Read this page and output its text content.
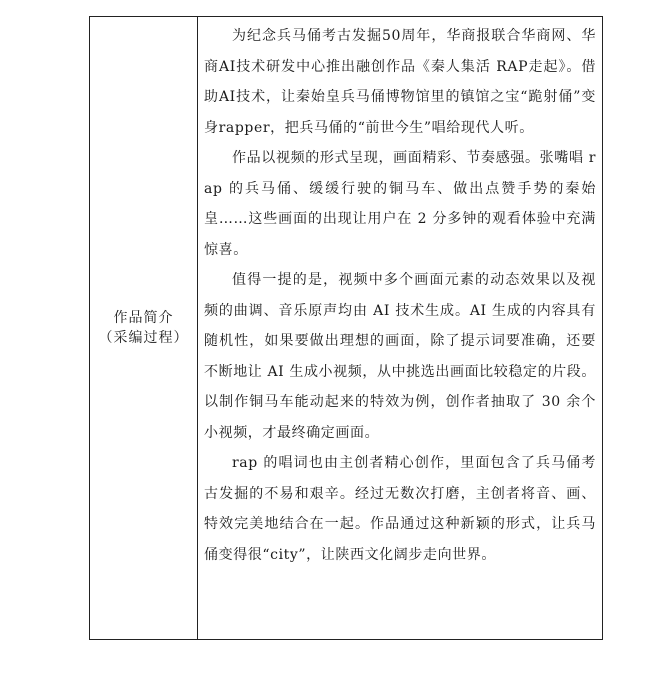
作品简介
（采编过程）

为纪念兵马俑考古发掘50周年，华商报联合华商网、华商AI技术研发中心推出融创作品《秦人集活 RAP走起》。借助AI技术，让秦始皇兵马俑博物馆里的镇馆之宝“跪射俑”变身rapper，把兵马俑的“前世今生”唱给现代人听。

作品以视频的形式呈现，画面精彩、节奏感强。张嘴唱 rap 的兵马俑、缓缓行驶的铜马车、做出点赞手势的秦始皇……这些画面的出现让用户在 2 分多钟的观看体验中充满惊喜。

值得一提的是，视频中多个画面元素的动态效果以及视频的曲调、音乐原声均由 AI 技术生成。AI 生成的内容具有随机性，如果要做出理想的画面，除了提示词要准确，还要不断地让 AI 生成小视频，从中挑选出画面比较稳定的片段。以制作铜马车能动起来的特效为例，创作者抽取了 30 余个小视频，才最终确定画面。

rap 的唱词也由主创者精心创作，里面包含了兵马俑考古发掘的不易和艰辛。经过无数次打磨，主创者将音、画、特效完美地结合在一起。作品通过这种新颖的形式，让兵马俑变得很“city”，让陕西文化阔步走向世界。
